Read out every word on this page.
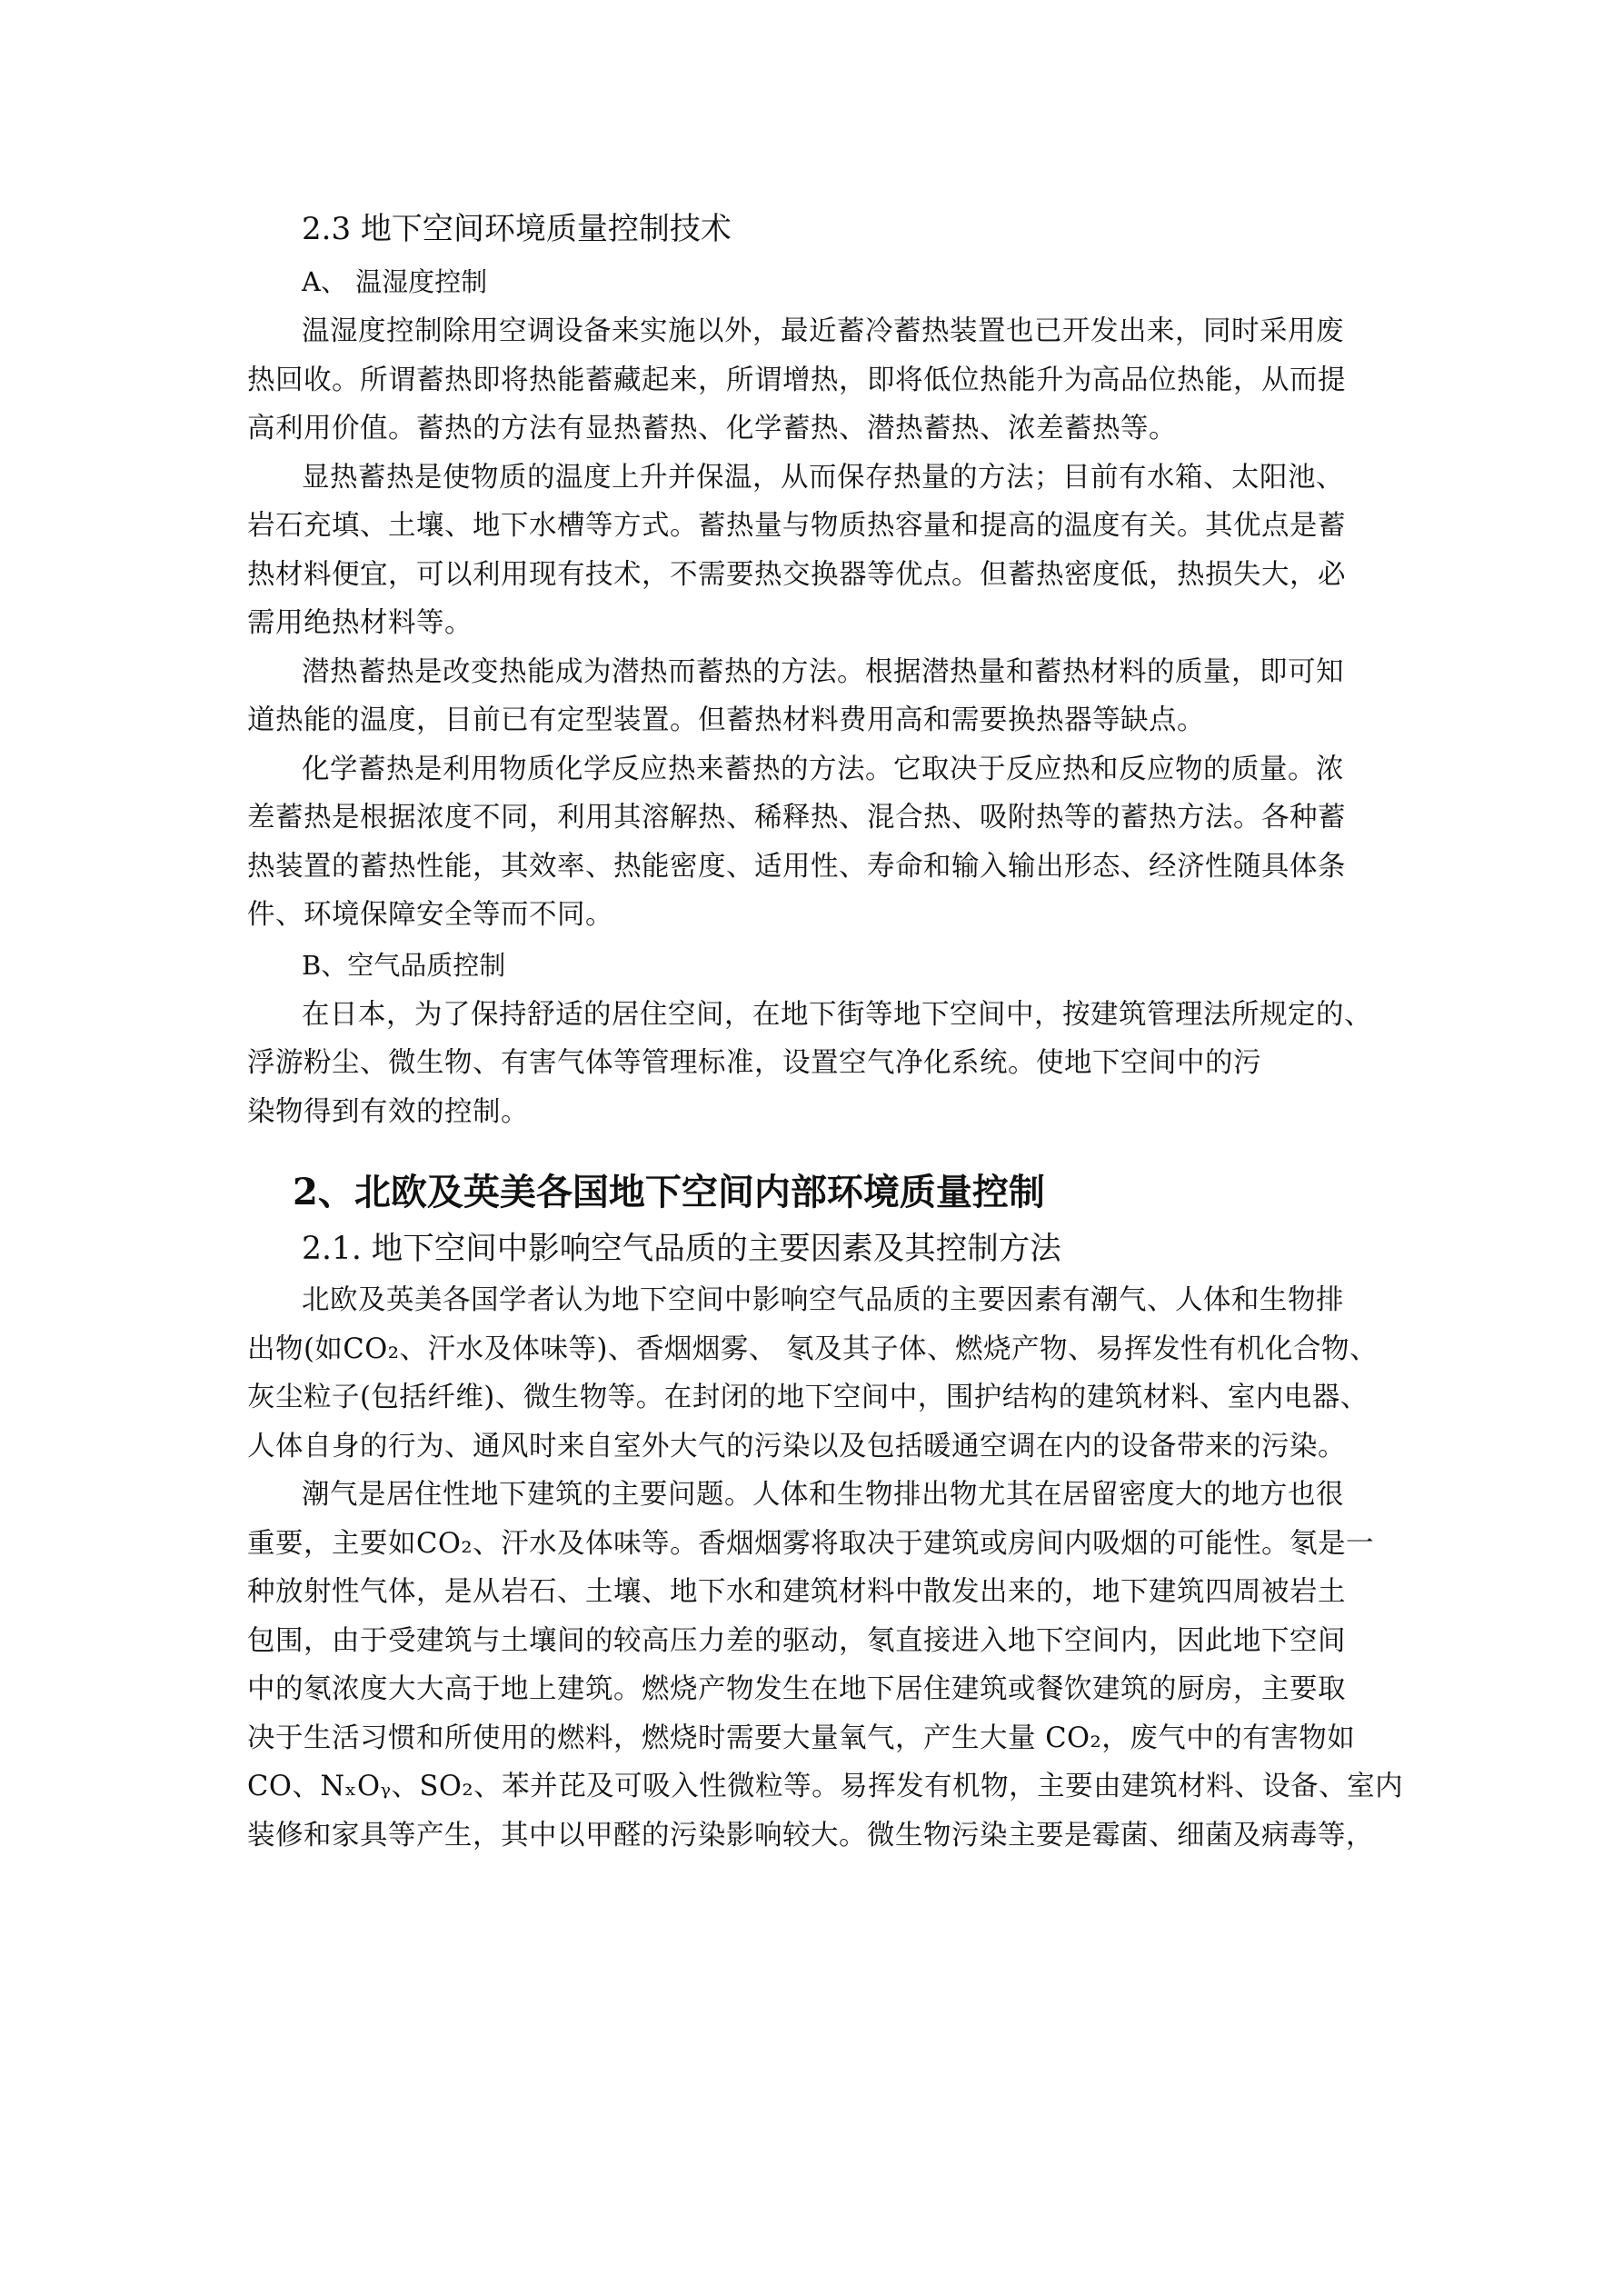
2.3 地下空间环境质量控制技术
A、 温湿度控制
温湿度控制除用空调设备来实施以外，最近蓄冷蓄热装置也已开发出来，同时采用废
热回收。所谓蓄热即将热能蓄藏起来，所谓增热，即将低位热能升为高品位热能，从而提
高利用价值。蓄热的方法有显热蓄热、化学蓄热、潜热蓄热、浓差蓄热等。
显热蓄热是使物质的温度上升并保温，从而保存热量的方法；目前有水箱、太阳池、
岩石充填、土壤、地下水槽等方式。蓄热量与物质热容量和提高的温度有关。其优点是蓄
热材料便宜，可以利用现有技术，不需要热交换器等优点。但蓄热密度低，热损失大，必
需用绝热材料等。
潜热蓄热是改变热能成为潜热而蓄热的方法。根据潜热量和蓄热材料的质量，即可知
道热能的温度，目前已有定型装置。但蓄热材料费用高和需要换热器等缺点。
化学蓄热是利用物质化学反应热来蓄热的方法。它取决于反应热和反应物的质量。浓
差蓄热是根据浓度不同，利用其溶解热、稀释热、混合热、吸附热等的蓄热方法。各种蓄
热装置的蓄热性能，其效率、热能密度、适用性、寿命和输入输出形态、经济性随具体条
件、环境保障安全等而不同。
B、空气品质控制
在日本，为了保持舒适的居住空间，在地下街等地下空间中，按建筑管理法所规定的、
浮游粉尘、微生物、有害气体等管理标准，设置空气净化系统。使地下空间中的污
染物得到有效的控制。
2、北欧及英美各国地下空间内部环境质量控制
2.1. 地下空间中影响空气品质的主要因素及其控制方法
北欧及英美各国学者认为地下空间中影响空气品质的主要因素有潮气、人体和生物排
出物(如CO₂、汗水及体味等)、香烟烟雾、 氡及其子体、燃烧产物、易挥发性有机化合物、
灰尘粒子(包括纤维)、微生物等。在封闭的地下空间中，围护结构的建筑材料、室内电器、
人体自身的行为、通风时来自室外大气的污染以及包括暖通空调在内的设备带来的污染。
潮气是居住性地下建筑的主要问题。人体和生物排出物尤其在居留密度大的地方也很
重要，主要如CO₂、汗水及体味等。香烟烟雾将取决于建筑或房间内吸烟的可能性。氡是一
种放射性气体，是从岩石、土壤、地下水和建筑材料中散发出来的，地下建筑四周被岩土
包围，由于受建筑与土壤间的较高压力差的驱动，氡直接进入地下空间内，因此地下空间
中的氡浓度大大高于地上建筑。燃烧产物发生在地下居住建筑或餐饮建筑的厨房，主要取
决于生活习惯和所使用的燃料，燃烧时需要大量氧气，产生大量 CO₂，废气中的有害物如
CO、NₓOᵧ、SO₂、苯并芘及可吸入性微粒等。易挥发有机物，主要由建筑材料、设备、室内
装修和家具等产生，其中以甲醛的污染影响较大。微生物污染主要是霉菌、细菌及病毒等，
